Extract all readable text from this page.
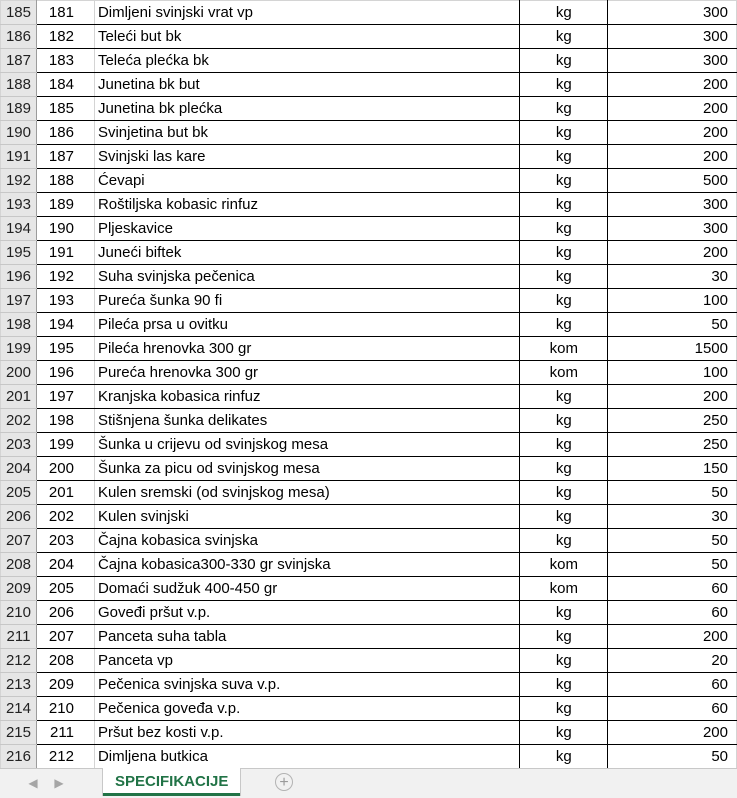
185	181	Dimljeni svinjski vrat vp	kg	300
186	182	Teleći but bk	kg	300
187	183	Teleća plećka bk	kg	300
188	184	Junetina bk but	kg	200
189	185	Junetina bk plećka	kg	200
190	186	Svinjetina but bk	kg	200
191	187	Svinjski las kare	kg	200
192	188	Ćevapi	kg	500
193	189	Roštiljska kobasic rinfuz	kg	300
194	190	Pljeskavice	kg	300
195	191	Juneći biftek	kg	200
196	192	Suha svinjska pečenica	kg	30
197	193	Pureća šunka 90 fi	kg	100
198	194	Pileća prsa u ovitku	kg	50
199	195	Pileća hrenovka 300 gr	kom	1500
200	196	Pureća hrenovka 300 gr	kom	100
201	197	Kranjska kobasica rinfuz	kg	200
202	198	Stišnjena šunka delikates	kg	250
203	199	Šunka u crijevu od svinjskog mesa	kg	250
204	200	Šunka za picu od svinjskog mesa	kg	150
205	201	Kulen sremski (od svinjskog mesa)	kg	50
206	202	Kulen svinjski	kg	30
207	203	Čajna kobasica svinjska	kg	50
208	204	Čajna kobasica300-330 gr svinjska	kom	50
209	205	Domaći sudžuk 400-450 gr	kom	60
210	206	Goveđi pršut v.p.	kg	60
211	207	Panceta suha tabla	kg	200
212	208	Panceta vp	kg	20
213	209	Pečenica svinjska suva v.p.	kg	60
214	210	Pečenica goveđa v.p.	kg	60
215	211	Pršut bez kosti v.p.	kg	200
216	212	Dimljena butkica	kg	50
◀	▶	SPECIFIKACIJE	+
